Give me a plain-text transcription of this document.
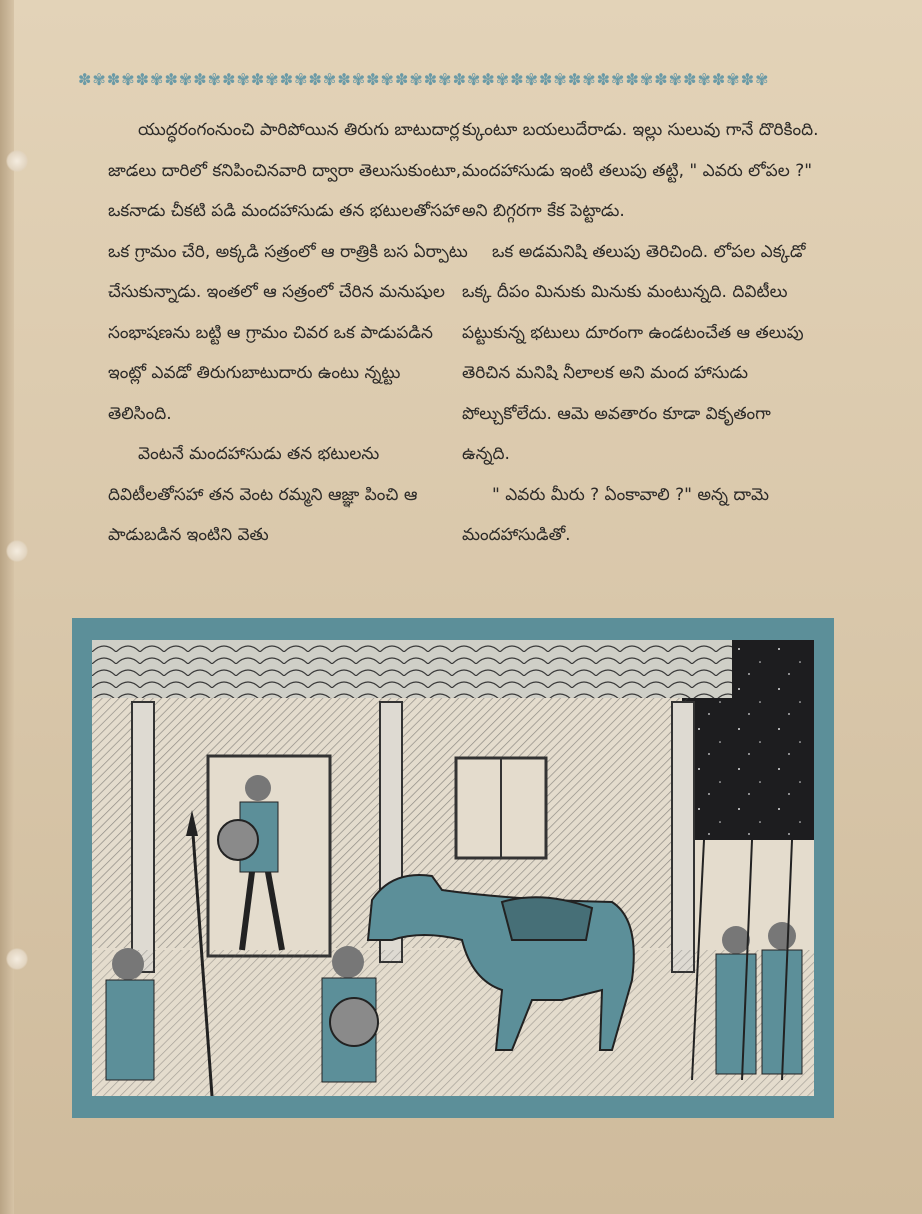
✽✾✽✾✽✾✽✾✽✾✽✾✽✾✽✾✽✾✽✾✽✾✽✾✽✾✽✾✽✾✽✾✽✾✽✾✽✾✽✾✽✾✽✾✽✾✽✾

యుద్ధరంగంనుంచి పారిపోయిన తిరుగు బాటుదార్ల జాడలు దారిలో కనిపించినవారి ద్వారా తెలుసుకుంటూ, ఒకనాడు చీకటి పడి మందహాసుడు తన భటులతోసహా ఒక గ్రామం చేరి, అక్కడి సత్రంలో ఆ రాత్రికి బస ఏర్పాటు చేసుకున్నాడు. ఇంతలో ఆ సత్రంలో చేరిన మనుషుల సంభాషణను బట్టి ఆ గ్రామం చివర ఒక పాడుపడిన ఇంట్లో ఎవడో తిరుగుబాటుదారు ఉంటు న్నట్టు తెలిసింది.

వెంటనే మందహాసుడు తన భటులను దివిటీలతోసహా తన వెంట రమ్మని ఆజ్ఞా పించి ఆ పాడుబడిన ఇంటిని వెతు

క్కుంటూ బయలుదేరాడు. ఇల్లు సులువు గానే దొరికింది. మందహాసుడు ఇంటి తలుపు తట్టి, " ఎవరు లోపల ?" అని బిగ్గరగా కేక పెట్టాడు.

ఒక అడమనిషి తలుపు తెరిచింది. లోపల ఎక్కడో ఒక్క దీపం మినుకు మినుకు మంటున్నది. దివిటీలు పట్టుకున్న భటులు దూరంగా ఉండటంచేత ఆ తలుపు తెరిచిన మనిషి నీలాలక అని మంద హాసుడు పోల్చుకోలేదు. ఆమె అవతారం కూడా వికృతంగా ఉన్నది.

" ఎవరు మీరు ? ఏంకావాలి ?" అన్న దామె మందహాసుడితో.
